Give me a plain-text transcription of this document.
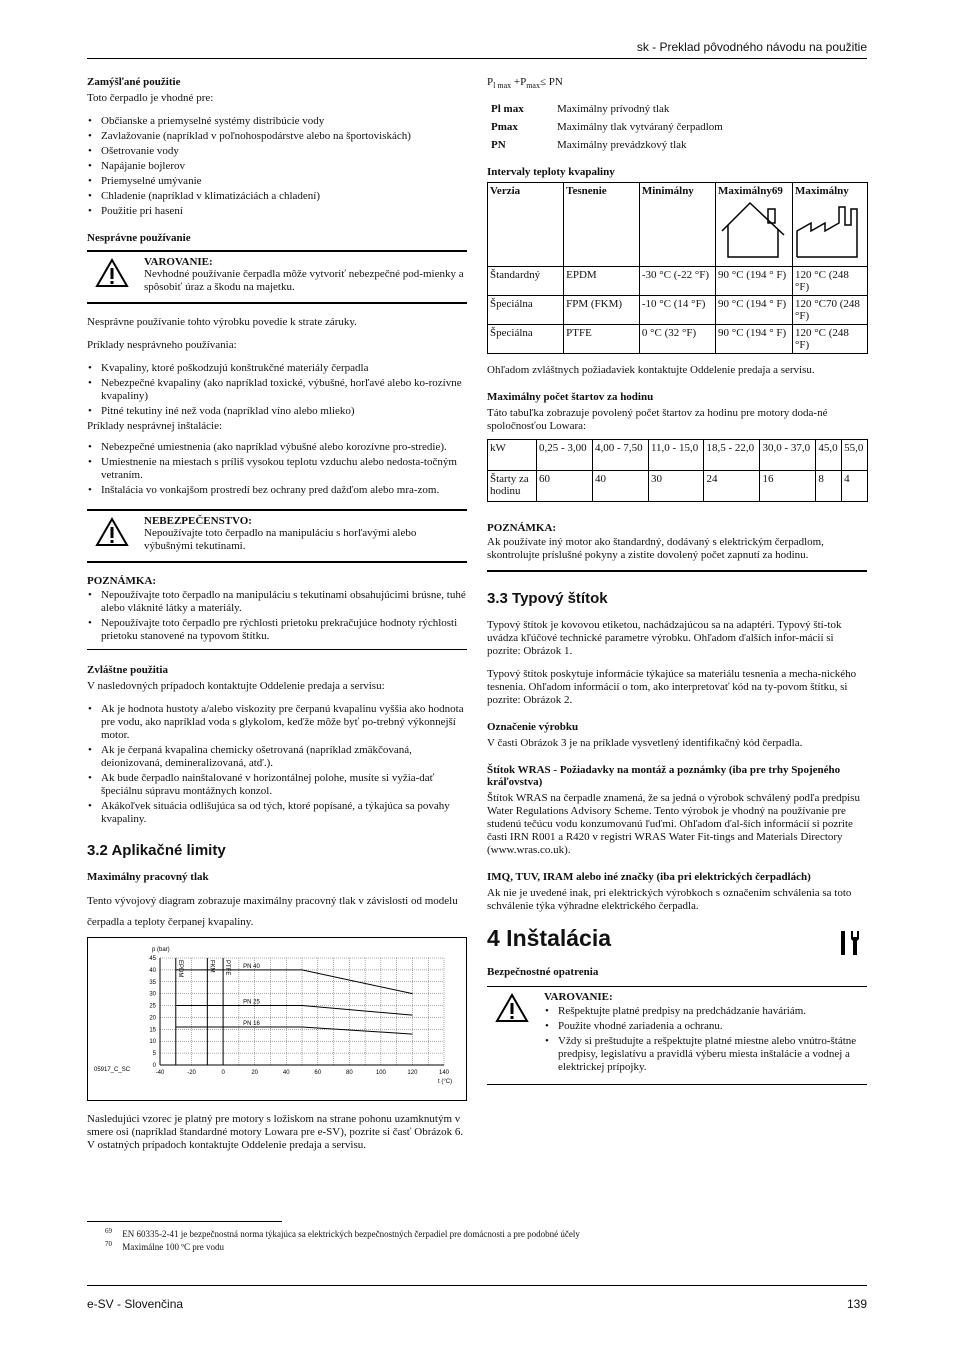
sk - Preklad pôvodného návodu na použitie
Zamýšľané použitie

Toto čerpadlo je vhodné pre:

• Občianske a priemyselné systémy distribúcie vody
• Zavlažovanie (napríklad v poľnohospodárstve alebo na športoviskách)
• Ošetrovanie vody
• Napájanie bojlerov
• Priemyselné umývanie
• Chladenie (napríklad v klimatizáciách a chladení)
• Použitie pri hasení
Nesprávne používanie
VAROVANIE:
Nevhodné používanie čerpadla môže vytvoriť nebezpečné pod-mienky a spôsobiť úraz a škodu na majetku.

Nesprávne používanie tohto výrobku povedie k strate záruky.

Príklady nesprávneho používania:

• Kvapaliny, ktoré poškodzujú konštrukčné materiály čerpadla
• Nebezpečné kvapaliny (ako napríklad toxické, výbušné, horľavé alebo ko-rozívne kvapaliny)
• Pitné tekutiny iné než voda (napríklad víno alebo mlieko)

Príklady nesprávnej inštalácie:

• Nebezpečné umiestnenia (ako napríklad výbušné alebo korozívne pro-stredie).
• Umiestnenie na miestach s príliš vysokou teplotu vzduchu alebo nedosta-točným vetraním.
• Inštalácia vo vonkajšom prostredí bez ochrany pred dažďom alebo mra-zom.
NEBEZPEČENSTVO:
Nepoužívajte toto čerpadlo na manipuláciu s horľavými alebo výbušnými tekutinami.
POZNÁMKA:
• Nepoužívajte toto čerpadlo na manipuláciu s tekutinami obsahujúcimi brúsne, tuhé alebo vláknité látky a materiály.
• Nepoužívajte toto čerpadlo pre rýchlosti prietoku prekračujúce hodnoty rýchlosti prietoku stanovené na typovom štítku.
Zvláštne použitia

V nasledovných prípadoch kontaktujte Oddelenie predaja a servisu:

• Ak je hodnota hustoty a/alebo viskozity pre čerpanú kvapalinu vyššia ako hodnota pre vodu, ako napríklad voda s glykolom, keďže môže byť po-trebný výkonnejší motor.
• Ak je čerpaná kvapalina chemicky ošetrovaná (napríklad zmäkčovaná, deionizovaná, demineralizovaná, atď.).
• Ak bude čerpadlo nainštalované v horizontálnej polohe, musíte si vyžia-dať špeciálnu súpravu montážnych konzol.
• Akákoľvek situácia odlišujúca sa od tých, ktoré popísané, a týkajúca sa povahy kvapaliny.
3.2 Aplikačné limity
Maximálny pracovný tlak

Tento vývojový diagram zobrazuje maximálny pracovný tlak v závislosti od modelu čerpadla a teploty čerpanej kvapaliny.

0
5
10
15
20
25
30
35
40
45
-40	-20	0	20	40	60	80	100	120	140
p (bar)
t (°C)
05917_C_SC
EPDM	FKM PTFE PN 40
PN 25
PN 16

Nasledujúci vzorec je platný pre motory s ložiskom na strane pohonu uzamknutým v smere osi (napríklad štandardné motory Lowara pre e-SV), pozrite si časť Obrázok 6. V ostatných prípadoch kontaktujte Oddelenie predaja a servisu.

$P_{l max} +P_{max}\le$ PN

Pl max	Maximálny prívodný tlak
Pmax	Maximálny tlak vytváraný čerpadlom
PN	Maximálny prevádzkový tlak
Intervaly teploty kvapaliny
Verzia	Tesnenie	Minimálny	Maximálny69	Maximálny
Štandardný	EPDM	-30 °C (-22 °F)	90 °C (194 ° F)	120 °C (248 °F)
Špeciálna	FPM (FKM)	-10 °C (14 °F)	90 °C (194 ° F)	120 °C70 (248 °F)
Špeciálna	PTFE	0 °C (32 °F)	90 °C (194 ° F)	120 °C (248 °F)

Ohľadom zvláštnych požiadaviek kontaktujte Oddelenie predaja a servisu.

Maximálny počet štartov za hodinu

Táto tabuľka zobrazuje povolený počet štartov za hodinu pre motory doda-né spoločnosťou Lowara:

kW	0,25 - 3,00	4,00 - 7,50	11,0 - 15,0	18,5 - 22,0	30,0 - 37,0	45,0	55,0
Štarty za hodinu	60	40	30	24	16	8	4
POZNÁMKA:

Ak používate iný motor ako štandardný, dodávaný s elektrickým čerpadlom, skontrolujte príslušné pokyny a zistite dovolený počet zapnutí za hodinu.

3.3 Typový štítok

Typový štítok je kovovou etiketou, nachádzajúcou sa na adaptéri. Typový ští-tok uvádza kľúčové technické parametre výrobku. Ohľadom ďalších infor-mácií si pozrite: Obrázok 1.

Typový štítok poskytuje informácie týkajúce sa materiálu tesnenia a mecha-nického tesnenia. Ohľadom informácií o tom, ako interpretovať kód na ty-povom štítku, si pozrite: Obrázok 2.

Označenie výrobku

V časti Obrázok 3 je na príklade vysvetlený identifikačný kód čerpadla.

Štítok WRAS - Požiadavky na montáž a poznámky (iba pre trhy Spojeného kráľovstva)

Štítok WRAS na čerpadle znamená, že sa jedná o výrobok schválený podľa predpisu Water Regulations Advisory Scheme. Tento výrobok je vhodný na používanie pre studenú tečúcu vodu konzumovanú ľuďmi. Ohľadom ďal-ších informácií si pozrite časti IRN R001 a R420 v registri WRAS Water Fit-tings and Materials Directory (www.wras.co.uk).

IMQ, TUV, IRAM alebo iné značky (iba pri elektrických čerpadlách)

Ak nie je uvedené inak, pri elektrických výrobkoch s označením schválenia sa toto schválenie týka výhradne elektrického čerpadla.

4 Inštalácia
Bezpečnostné opatrenia
VAROVANIE:
• Rešpektujte platné predpisy na predchádzanie haváriám.
• Použite vhodné zariadenia a ochranu.
• Vždy si preštudujte a rešpektujte platné miestne alebo vnútro-štátne predpisy, legislatívu a pravidlá výberu miesta inštalácie a vodnej a elektrickej prípojky.
$^{69}$ EN 60335-2-41 je bezpečnostná norma týkajúca sa elektrických bezpečnostných čerpadiel pre domácnosti a pre podobné účely
$^{70}$ Maximálne 100 ºC pre vodu
e-SV - Slovenčina	139
